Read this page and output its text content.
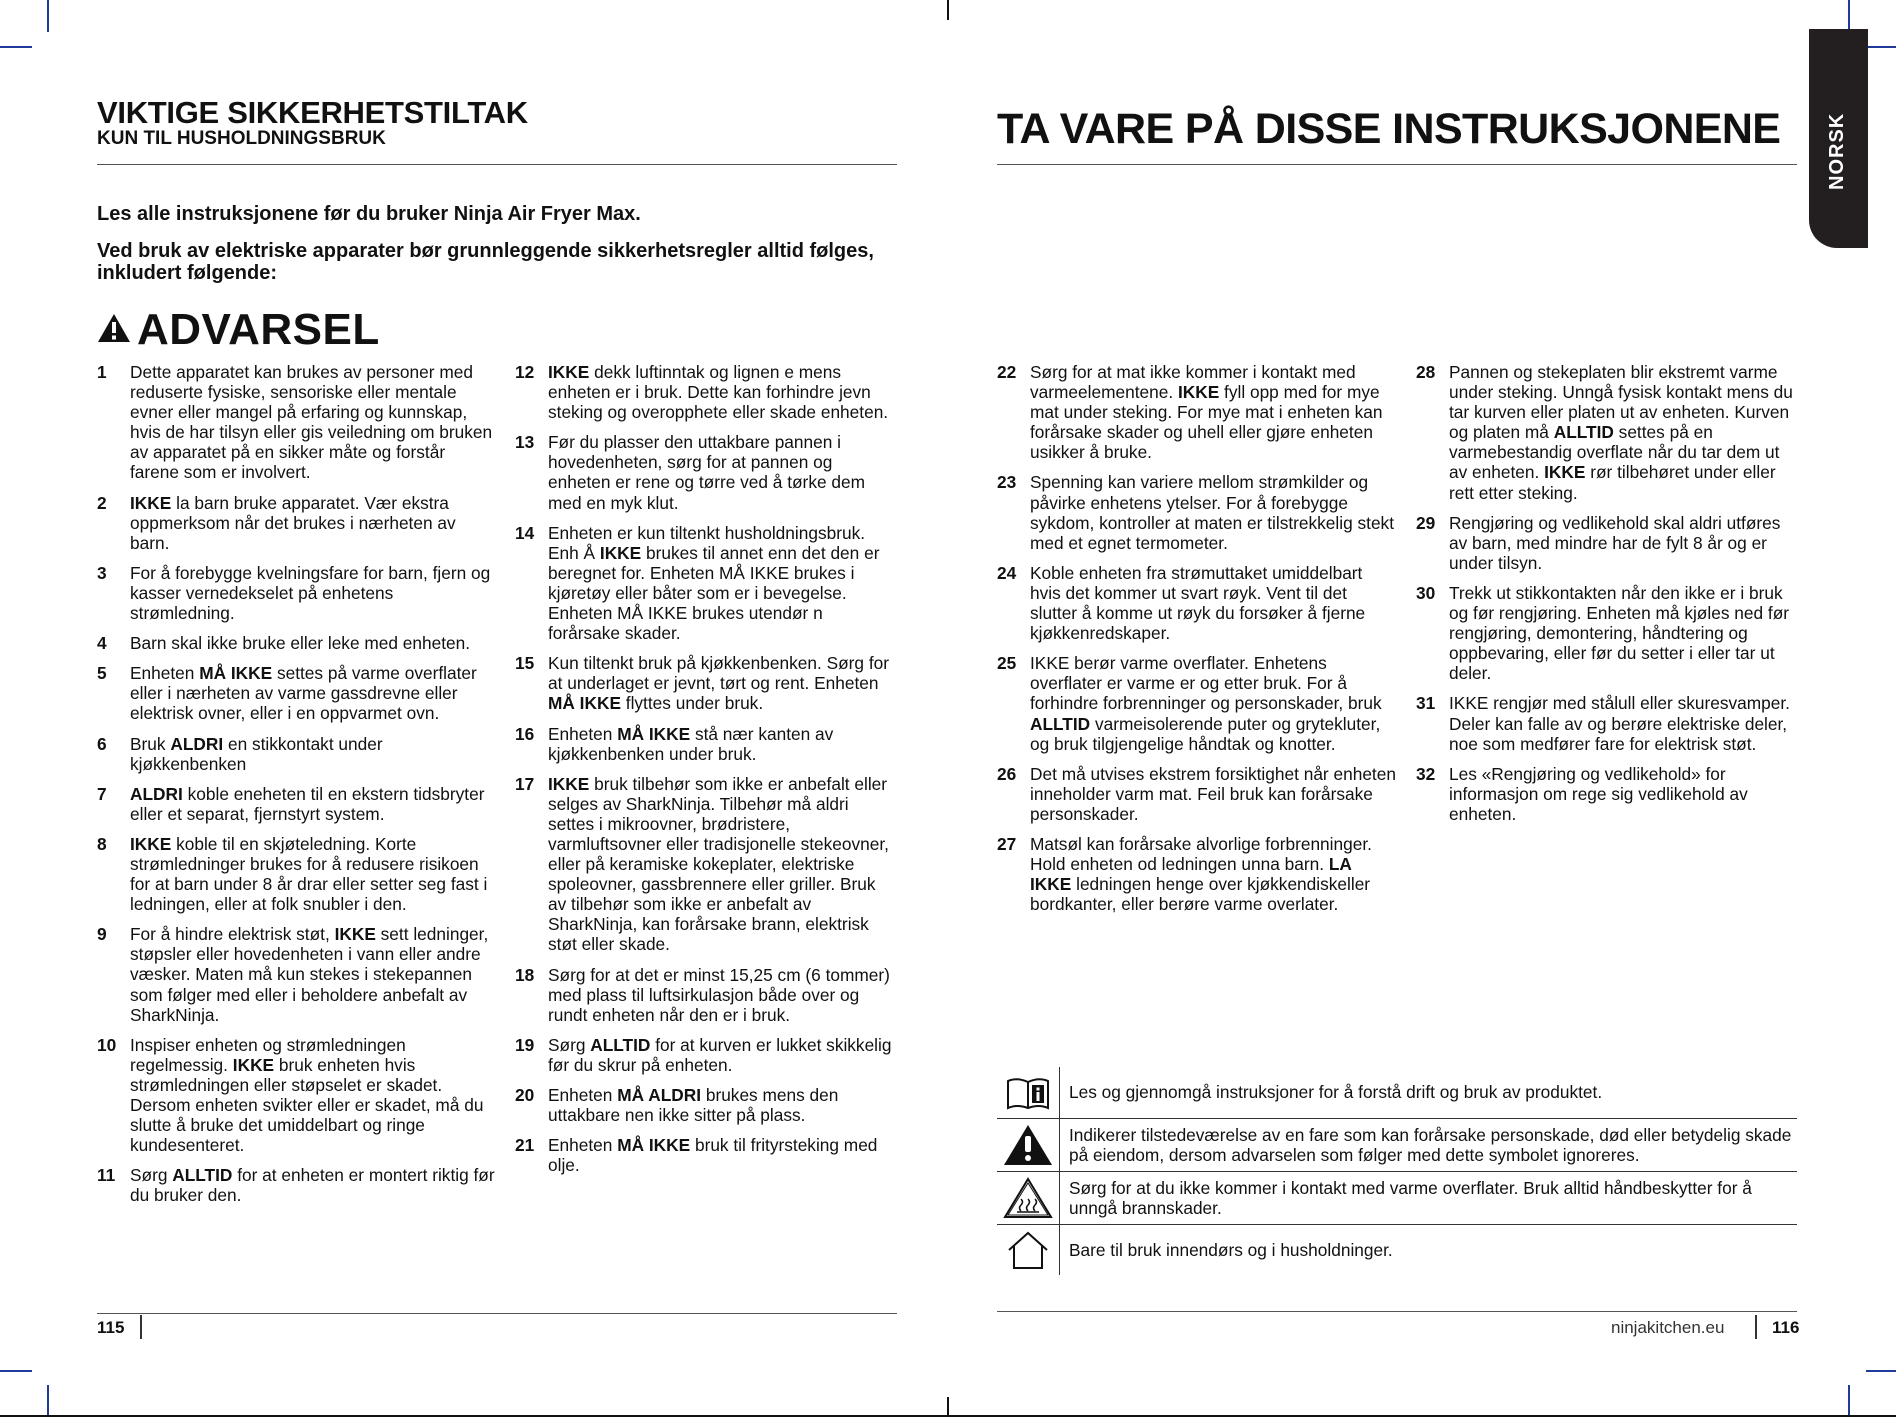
NORSK
VIKTIGE SIKKERHETSTILTAK
KUN TIL HUSHOLDNINGSBRUK	TA VARE PÅ DISSE INSTRUKSJONENE
Les alle instruksjonene før du bruker Ninja Air Fryer Max.
Ved bruk av elektriske apparater bør grunnleggende sikkerhetsregler alltid følges, inkludert følgende:
ADVARSEL
1	Dette apparatet kan brukes av personer med reduserte fysiske, sensoriske eller mentale evner eller mangel på erfaring og kunnskap, hvis de har tilsyn eller gis veiledning om bruken av apparatet på en sikker måte og forstår farene som er involvert.
2	IKKE la barn bruke apparatet. Vær ekstra oppmerksom når det brukes i nærheten av barn.
3	For å forebygge kvelningsfare for barn, fjern og kasser vernedekselet på enhetens strømledning.
4	Barn skal ikke bruke eller leke med enheten.
5	Enheten MÅ IKKE settes på varme overflater eller i nærheten av varme gassdrevne eller elektrisk ovner, eller i en oppvarmet ovn.
6	Bruk ALDRI en stikkontakt under kjøkkenbenken
7	ALDRI koble eneheten til en ekstern tidsbryter eller et separat, fjernstyrt system.
8	IKKE koble til en skjøteledning. Korte strømledninger brukes for å redusere risikoen for at barn under 8 år drar eller setter seg fast i ledningen, eller at folk snubler i den.
9	For å hindre elektrisk støt, IKKE sett ledninger, støpsler eller hovedenheten i vann eller andre væsker. Maten må kun stekes i stekepannen som følger med eller i beholdere anbefalt av SharkNinja.
10 Inspiser enheten og strømledningen regelmessig. IKKE bruk enheten hvis strømledningen eller støpselet er skadet. Dersom enheten svikter eller er skadet, må du slutte å bruke det umiddelbart og ringe kundesenteret.
11 Sørg ALLTID for at enheten er montert riktig før du bruker den.
12 IKKE dekk luftinntak og lignen e mens enheten er i bruk. Dette kan forhindre jevn steking og overopphete eller skade enheten.
13 Før du plasser den uttakbare pannen i hovedenheten, sørg for at pannen og enheten er rene og tørre ved å tørke dem med en myk klut.
14 Enheten er kun tiltenkt husholdningsbruk. Enh Å IKKE brukes til annet enn det den er beregnet for. Enheten MÅ IKKE brukes i kjøretøy eller båter som er i bevegelse. Enheten MÅ IKKE brukes utendør n forårsake skader.
15 Kun tiltenkt bruk på kjøkkenbenken. Sørg for at underlaget er jevnt, tørt og rent. Enheten MÅ IKKE flyttes under bruk.
16 Enheten MÅ IKKE stå nær kanten av kjøkkenbenken under bruk.
17 IKKE bruk tilbehør som ikke er anbefalt eller selges av SharkNinja. Tilbehør må aldri settes i mikroovner, brødristere, varmluftsovner eller tradisjonelle stekeovner, eller på keramiske kokeplater, elektriske spoleovner, gassbrennere eller griller. Bruk av tilbehør som ikke er anbefalt av SharkNinja, kan forårsake brann, elektrisk støt eller skade.
18 Sørg for at det er minst 15,25 cm (6 tommer) med plass til luftsirkulasjon både over og rundt enheten når den er i bruk.
19 Sørg ALLTID for at kurven er lukket skikkelig før du skrur på enheten.
20 Enheten MÅ ALDRI brukes mens den uttakbare nen ikke sitter på plass.
21 Enheten MÅ IKKE bruk til frityrsteking med olje.
22 Sørg for at mat ikke kommer i kontakt med varmeelementene. IKKE fyll opp med for mye mat under steking. For mye mat i enheten kan forårsake skader og uhell eller gjøre enheten usikker å bruke.
23 Spenning kan variere mellom strømkilder og påvirke enhetens ytelser. For å forebygge sykdom, kontroller at maten er tilstrekkelig stekt med et egnet termometer.
24 Koble enheten fra strømuttaket umiddelbart hvis det kommer ut svart røyk. Vent til det slutter å komme ut røyk du forsøker å fjerne kjøkkenredskaper.
25 IKKE berør varme overflater. Enhetens overflater er varme er og etter bruk. For å forhindre forbrenninger og personskader, bruk ALLTID varmeisolerende puter og grytekluter, og bruk tilgjengelige håndtak og knotter.
26 Det må utvises ekstrem forsiktighet når enheten inneholder varm mat. Feil bruk kan forårsake personskader.
27 Matsøl kan forårsake alvorlige forbrenninger. Hold enheten od ledningen unna barn. LA IKKE ledningen henge over kjøkkendiskeller bordkanter, eller berøre varme overlater.
28 Pannen og stekeplaten blir ekstremt varme under steking. Unngå fysisk kontakt mens du tar kurven eller platen ut av enheten. Kurven og platen må ALLTID settes på en varmebestandig overflate når du tar dem ut av enheten. IKKE rør tilbehøret under eller rett etter steking.
29 Rengjøring og vedlikehold skal aldri utføres av barn, med mindre har de fylt 8 år og er under tilsyn.
30 Trekk ut stikkontakten når den ikke er i bruk og før rengjøring. Enheten må kjøles ned før rengjøring, demontering, håndtering og oppbevaring, eller før du setter i eller tar ut deler.
31 IKKE rengjør med stålull eller skuresvamper. Deler kan falle av og berøre elektriske deler, noe som medfører fare for elektrisk støt.
32 Les «Rengjøring og vedlikehold» for informasjon om rege sig vedlikehold av enheten.
Les og gjennomgå instruksjoner for å forstå drift og bruk av produktet.
Indikerer tilstedeværelse av en fare som kan forårsake personskade, død eller betydelig skade på eiendom, dersom advarselen som følger med dette symbolet ignoreres.
Sørg for at du ikke kommer i kontakt med varme overflater. Bruk alltid håndbeskytter for å unngå brannskader.
Bare til bruk innendørs og i husholdninger.
115	ninjakitchen.eu	116
